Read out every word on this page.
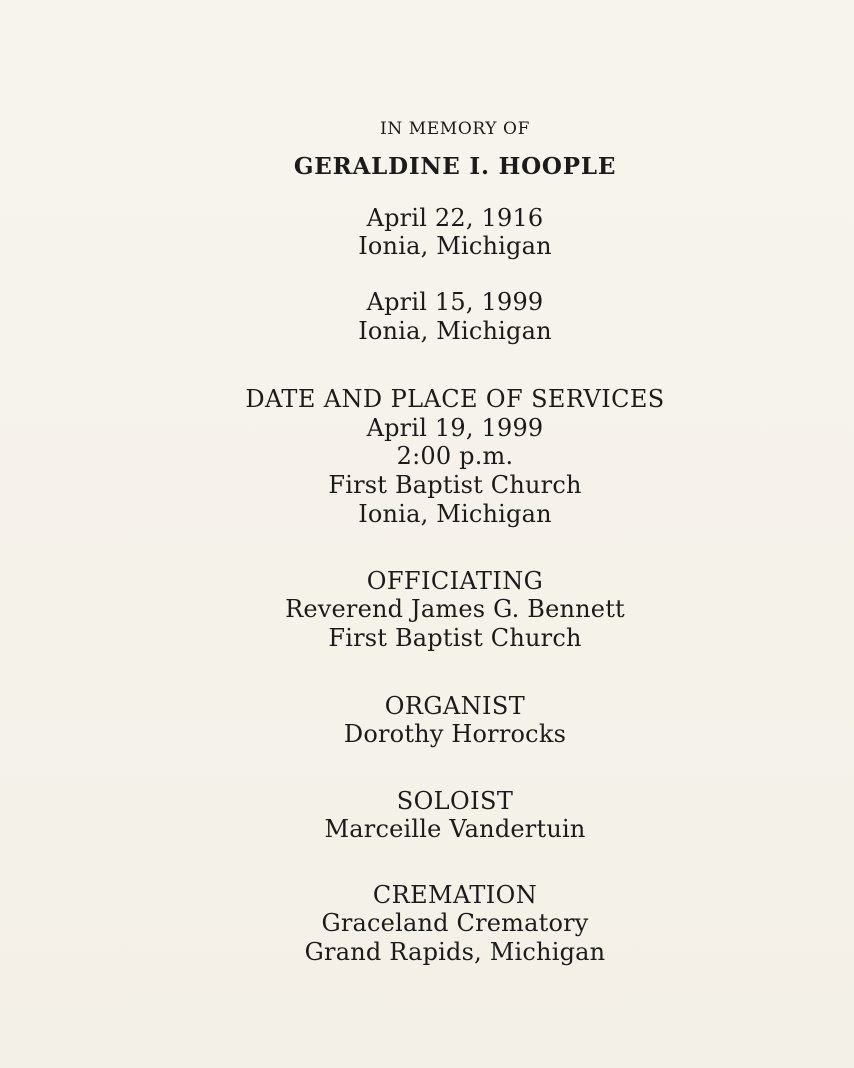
IN MEMORY OF
GERALDINE I. HOOPLE
April 22, 1916
Ionia, Michigan
April 15, 1999
Ionia, Michigan
DATE AND PLACE OF SERVICES
April 19, 1999
2:00 p.m.
First Baptist Church
Ionia, Michigan
OFFICIATING
Reverend James G. Bennett
First Baptist Church
ORGANIST
Dorothy Horrocks
SOLOIST
Marceille Vandertuin
CREMATION
Graceland Crematory
Grand Rapids, Michigan
